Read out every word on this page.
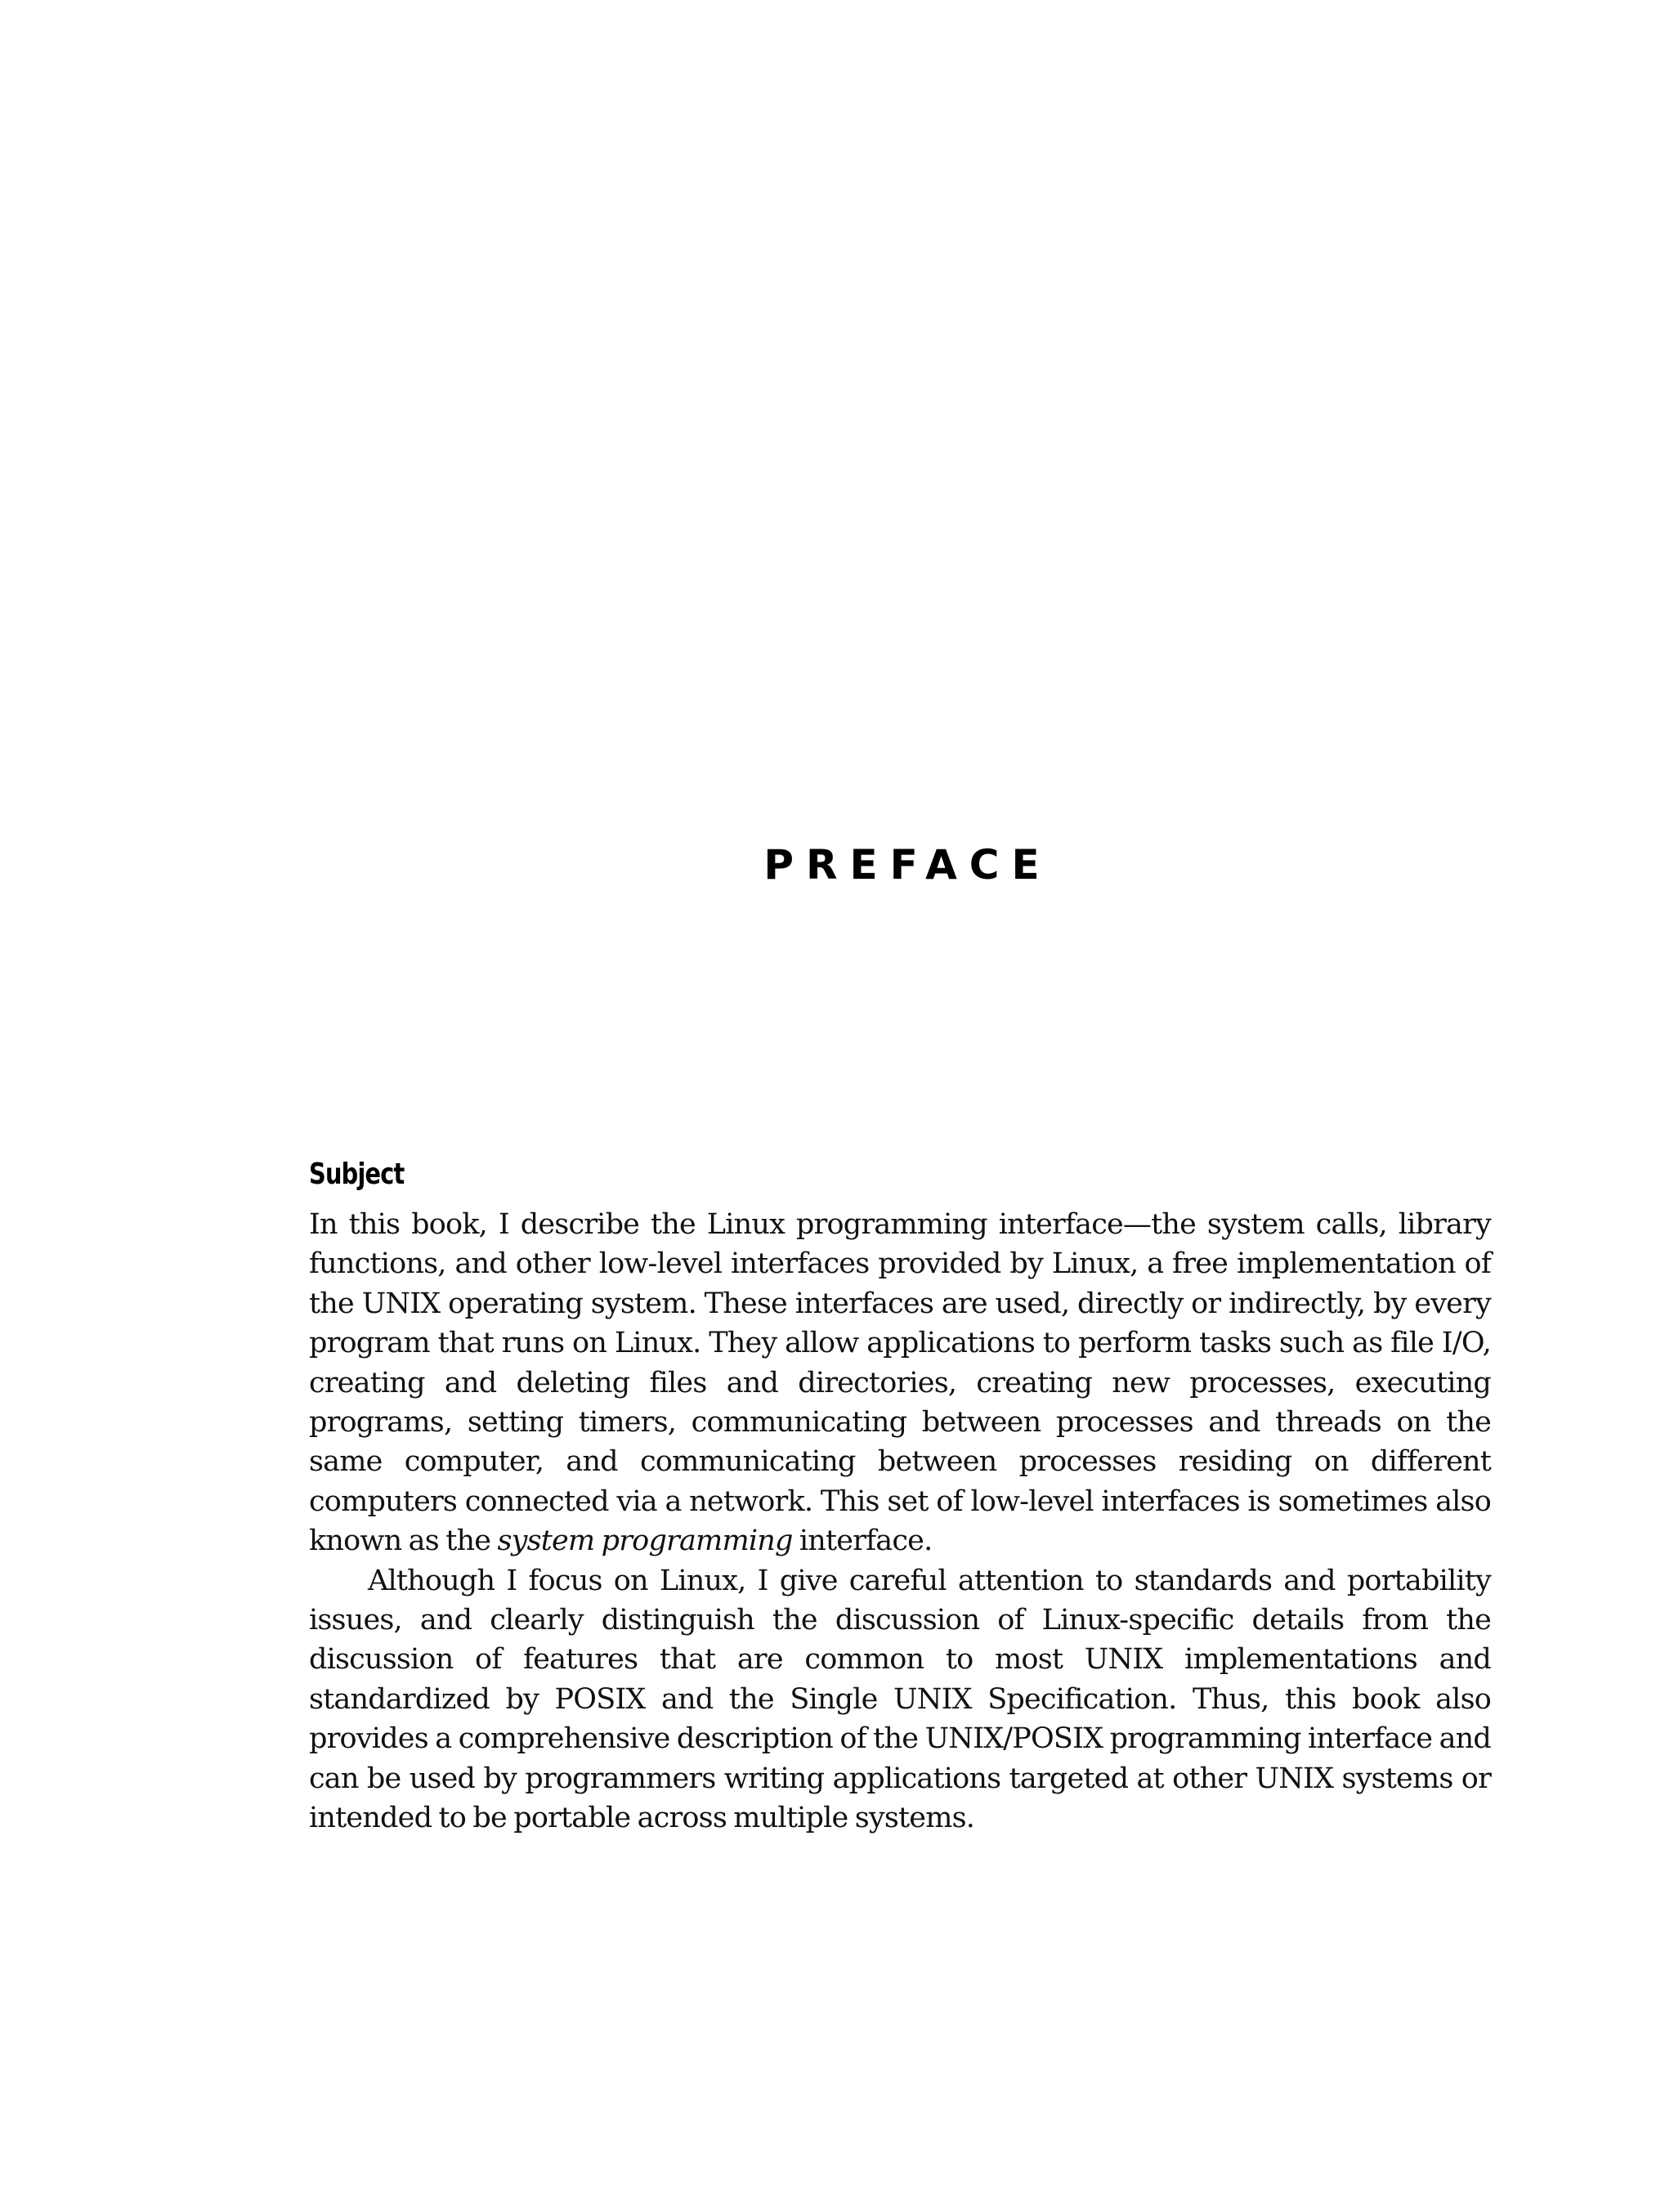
PREFACE
Subject

In this book, I describe the Linux programming interface—the system calls, library functions, and other low-level interfaces provided by Linux, a free implementation of the UNIX operating system. These interfaces are used, directly or indirectly, by every program that runs on Linux. They allow applications to perform tasks such as file I/O, creating and deleting files and directories, creating new processes, executing programs, setting timers, communicating between processes and threads on the same computer, and communicating between processes residing on different computers connected via a network. This set of low-level interfaces is sometimes also known as the system programming interface.

Although I focus on Linux, I give careful attention to standards and portability issues, and clearly distinguish the discussion of Linux-specific details from the discussion of features that are common to most UNIX implementations and standardized by POSIX and the Single UNIX Specification. Thus, this book also provides a comprehensive description of the UNIX/POSIX programming interface and can be used by programmers writing applications targeted at other UNIX systems or intended to be portable across multiple systems.
